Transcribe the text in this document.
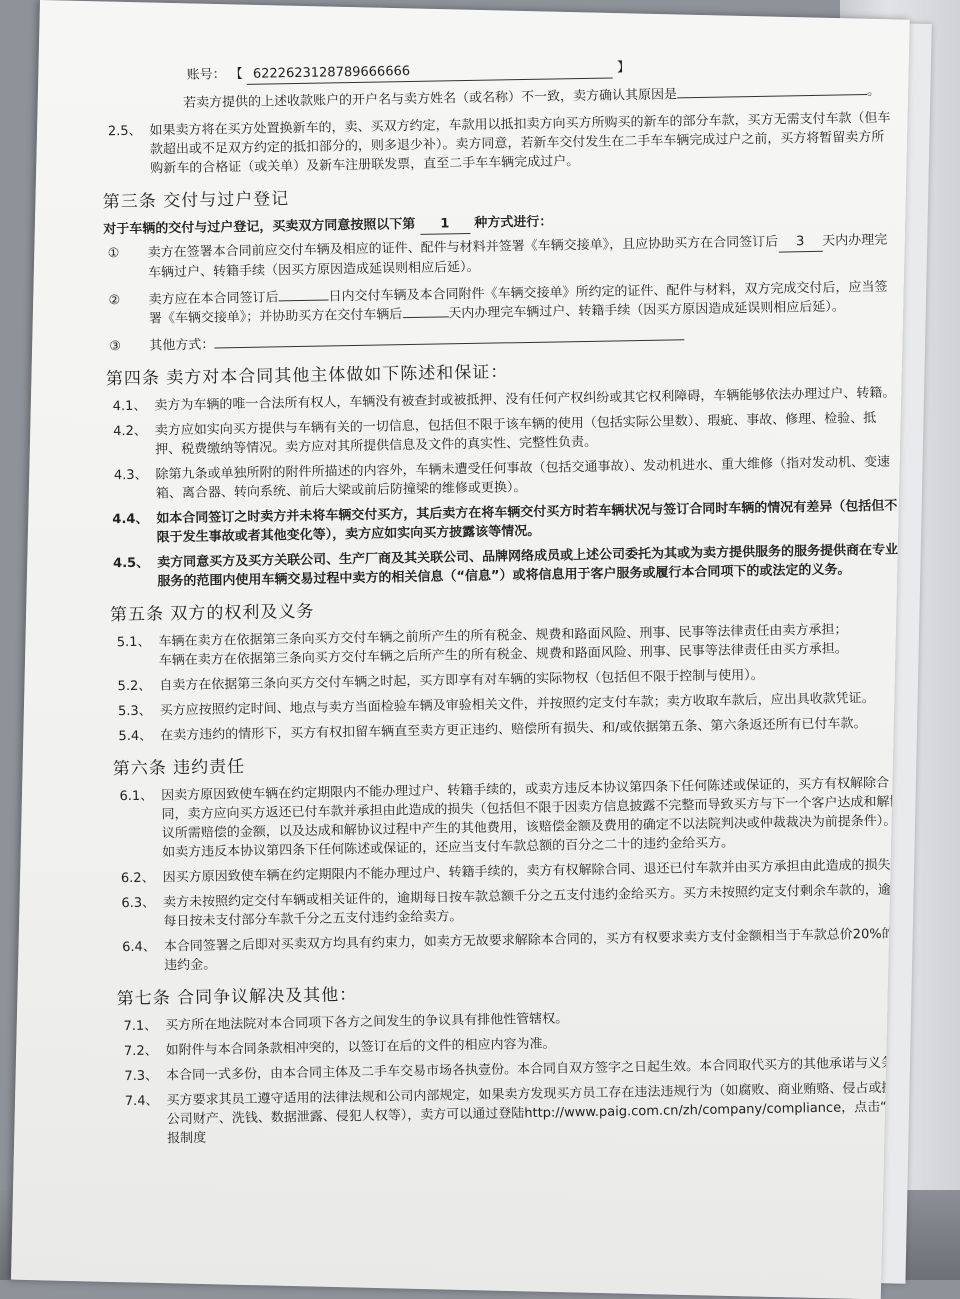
账号： 【 6222623128789666666	】

若卖方提供的上述收款账户的开户名与卖方姓名（或名称）不一致，卖方确认其原因是	。

2.5、 如果卖方将在买方处置换新车的，卖、买双方约定，车款用以抵扣卖方向买方所购买的新车的部分车款，买方无需支付车款（但车款超出或不足双方约定的抵扣部分的，则多退少补）。卖方同意，若新车交付发生在二手车车辆完成过户之前，买方将暂留卖方所购新车的合格证（或关单）及新车注册联发票，直至二手车车辆完成过户。
第三条 交付与过户登记

对于车辆的交付与过户登记，买卖双方同意按照以下第 1 种方式进行：

①	卖方在签署本合同前应交付车辆及相应的证件、配件与材料并签署《车辆交接单》，且应协助买方在合同签订后 3 天内办理完车辆过户、转籍手续（因买方原因造成延误则相应后延）。
②	卖方应在本合同签订后	日内交付车辆及本合同附件《车辆交接单》所约定的证件、配件与材料，双方完成交付后，应当签署《车辆交接单》；并协助买方在交付车辆后	天内办理完车辆过户、转籍手续（因买方原因造成延误则相应后延）。
③	其他方式：
第四条 卖方对本合同其他主体做如下陈述和保证：
4.1、 卖方为车辆的唯一合法所有权人，车辆没有被查封或被抵押、没有任何产权纠纷或其它权利障碍，车辆能够依法办理过户、转籍。
4.2、 卖方应如实向买方提供与车辆有关的一切信息，包括但不限于该车辆的使用（包括实际公里数）、瑕疵、事故、修理、检验、抵押、税费缴纳等情况。卖方应对其所提供信息及文件的真实性、完整性负责。
4.3、 除第九条或单独所附的附件所描述的内容外，车辆未遭受任何事故（包括交通事故）、发动机进水、重大维修（指对发动机、变速箱、离合器、转向系统、前后大梁或前后防撞梁的维修或更换）。
4.4、 如本合同签订之时卖方并未将车辆交付买方，其后卖方在将车辆交付买方时若车辆状况与签订合同时车辆的情况有差异（包括但不限于发生事故或者其他变化等），卖方应如实向买方披露该等情况。
4.5、 卖方同意买方及买方关联公司、生产厂商及其关联公司、品牌网络成员或上述公司委托为其或为卖方提供服务的服务提供商在专业服务的范围内使用车辆交易过程中卖方的相关信息（“信息”）或将信息用于客户服务或履行本合同项下的或法定的义务。
第五条 双方的权利及义务
5.1、 车辆在卖方在依据第三条向买方交付车辆之前所产生的所有税金、规费和路面风险、刑事、民事等法律责任由卖方承担；
车辆在卖方在依据第三条向买方交付车辆之后所产生的所有税金、规费和路面风险、刑事、民事等法律责任由买方承担。
5.2、 自卖方在依据第三条向买方交付车辆之时起，买方即享有对车辆的实际物权（包括但不限于控制与使用）。
5.3、 买方应按照约定时间、地点与卖方当面检验车辆及审验相关文件，并按照约定支付车款；卖方收取车款后，应出具收款凭证。
5.4、 在卖方违约的情形下，买方有权扣留车辆直至卖方更正违约、赔偿所有损失、和/或依据第五条、第六条返还所有已付车款。
第六条 违约责任
6.1、 因卖方原因致使车辆在约定期限内不能办理过户、转籍手续的，或卖方违反本协议第四条下任何陈述或保证的，买方有权解除合同，卖方应向买方返还已付车款并承担由此造成的损失（包括但不限于因卖方信息披露不完整而导致买方与下一个客户达成和解协议所需赔偿的金额，以及达成和解协议过程中产生的其他费用，该赔偿金额及费用的确定不以法院判决或仲裁裁决为前提条件）。如卖方违反本协议第四条下任何陈述或保证的，还应当支付车款总额的百分之二十的违约金给买方。
6.2、 因买方原因致使车辆在约定期限内不能办理过户、转籍手续的，卖方有权解除合同、退还已付车款并由买方承担由此造成的损失。
6.3、 卖方未按照约定交付车辆或相关证件的，逾期每日按车款总额千分之五支付违约金给买方。买方未按照约定支付剩余车款的，逾期每日按未支付部分车款千分之五支付违约金给卖方。
6.4、 本合同签署之后即对买卖双方均具有约束力，如卖方无故要求解除本合同的，买方有权要求卖方支付金额相当于车款总价20%的违约金。
第七条 合同争议解决及其他：
7.1、 买方所在地法院对本合同项下各方之间发生的争议具有排他性管辖权。
7.2、 如附件与本合同条款相冲突的，以签订在后的文件的相应内容为准。
7.3、 本合同一式多份，由本合同主体及二手车交易市场各执壹份。本合同自双方签字之日起生效。本合同取代买方的其他承诺与义务。
7.4、 买方要求其员工遵守适用的法律法规和公司内部规定，如果卖方发现买方员工存在违法违规行为（如腐败、商业贿赂、侵占或挪用公司财产、洗钱、数据泄露、侵犯人权等），卖方可以通过登陆http://www.paig.com.cn/zh/company/compliance，点击“举报制度
